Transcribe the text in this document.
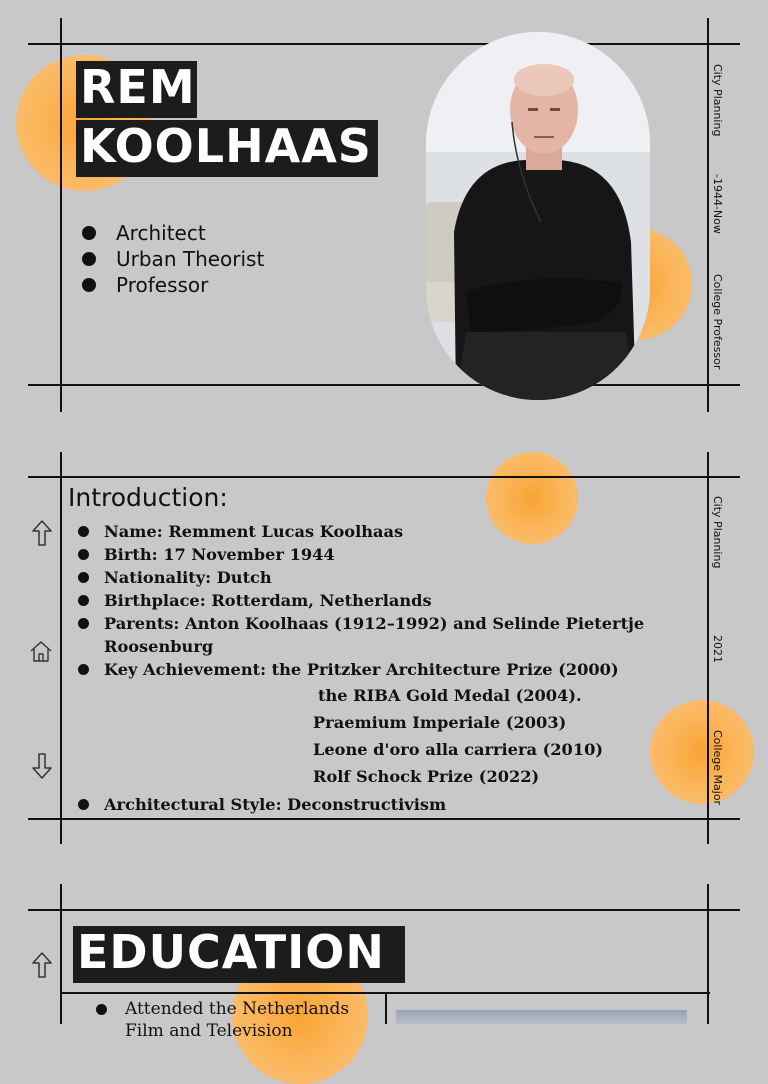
REM
KOOLHAAS
Architect
Urban Theorist
Professor
City Planning
-1944-Now
College Professor
Introduction:
Name: Remment Lucas Koolhaas
Birth: 17 November 1944
Nationality: Dutch
Birthplace: Rotterdam, Netherlands
Parents: Anton Koolhaas (1912–1992) and Selinde Pietertje Roosenburg
Key Achievement: the Pritzker Architecture Prize (2000)
the RIBA Gold Medal (2004).
Praemium Imperiale (2003)
Leone d'oro alla carriera (2010)
Rolf Schock Prize (2022)
Architectural Style: Deconstructivism
City Planning
2021
College Major
EDUCATION
Attended the Netherlands Film and Television
